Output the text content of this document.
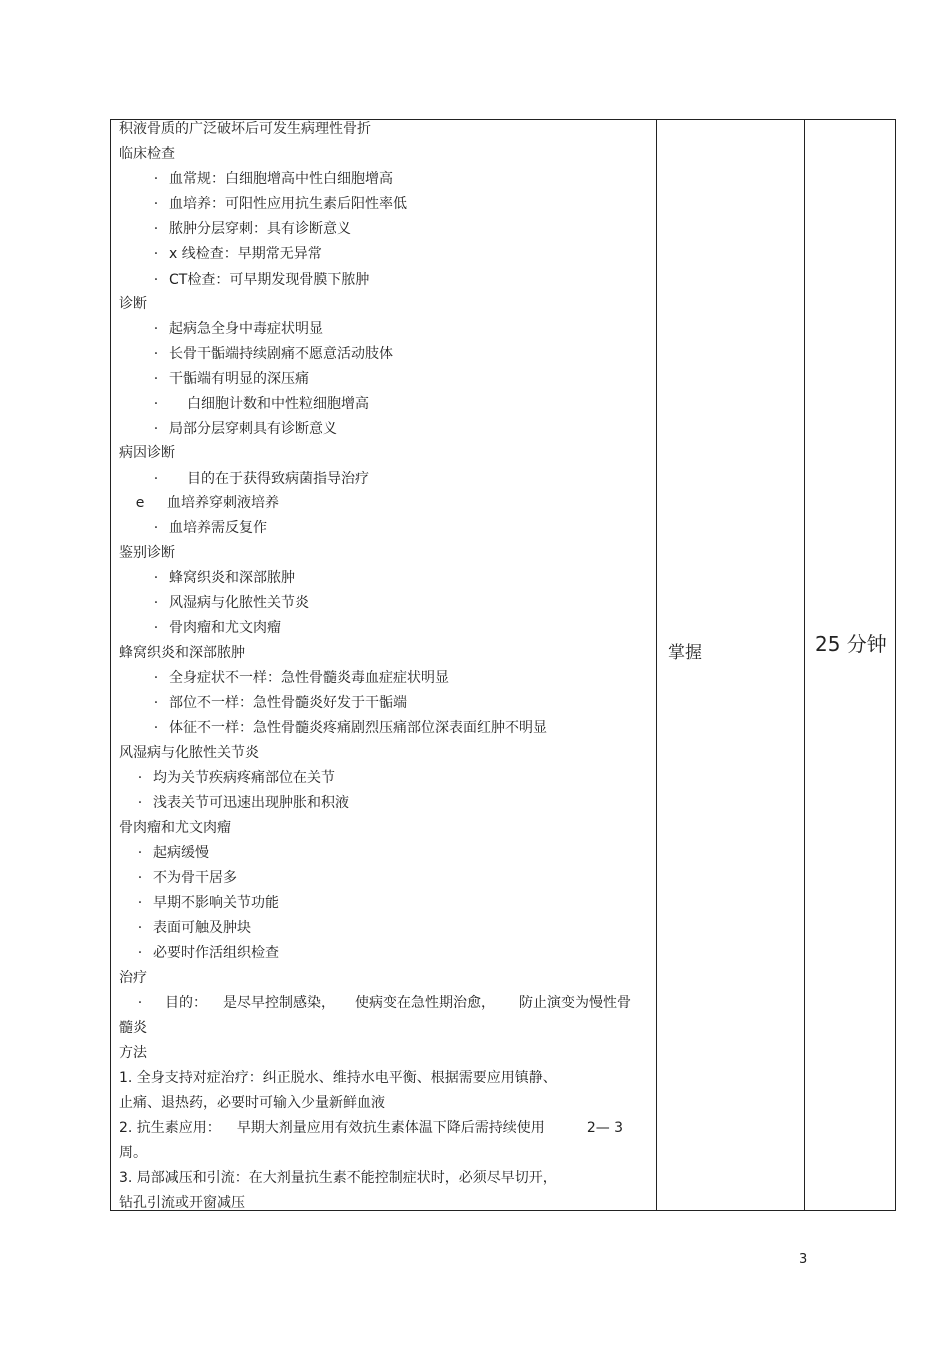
积液骨质的广泛破坏后可发生病理性骨折
临床检查
· 血常规：白细胞增高中性白细胞增高
· 血培养：可阳性应用抗生素后阳性率低
· 脓肿分层穿刺：具有诊断意义
· x 线检查：早期常无异常
· CT检查：可早期发现骨膜下脓肿
诊断
· 起病急全身中毒症状明显
· 长骨干骺端持续剧痛不愿意活动肢体
· 干骺端有明显的深压痛
· 白细胞计数和中性粒细胞增高
· 局部分层穿刺具有诊断意义
病因诊断
· 目的在于获得致病菌指导治疗
e 血培养穿刺液培养
· 血培养需反复作
鉴别诊断
· 蜂窝织炎和深部脓肿
· 风湿病与化脓性关节炎
· 骨肉瘤和尤文肉瘤
蜂窝织炎和深部脓肿
· 全身症状不一样：急性骨髓炎毒血症症状明显
· 部位不一样：急性骨髓炎好发于干骺端
· 体征不一样：急性骨髓炎疼痛剧烈压痛部位深表面红肿不明显
风湿病与化脓性关节炎
· 均为关节疾病疼痛部位在关节
· 浅表关节可迅速出现肿胀和积液
骨肉瘤和尤文肉瘤
· 起病缓慢
· 不为骨干居多
· 早期不影响关节功能
· 表面可触及肿块
· 必要时作活组织检查
治疗
· 目的： 是尽早控制感染， 使病变在急性期治愈， 防止演变为慢性骨
髓炎
方法
1. 全身支持对症治疗：纠正脱水、维持水电平衡、根据需要应用镇静、
止痛、退热药，必要时可输入少量新鲜血液
2. 抗生素应用： 早期大剂量应用有效抗生素体温下降后需持续使用	2— 3
周。
3. 局部减压和引流：在大剂量抗生素不能控制症状时，必须尽早切开，
钻孔引流或开窗减压
掌握	25 分钟
3
